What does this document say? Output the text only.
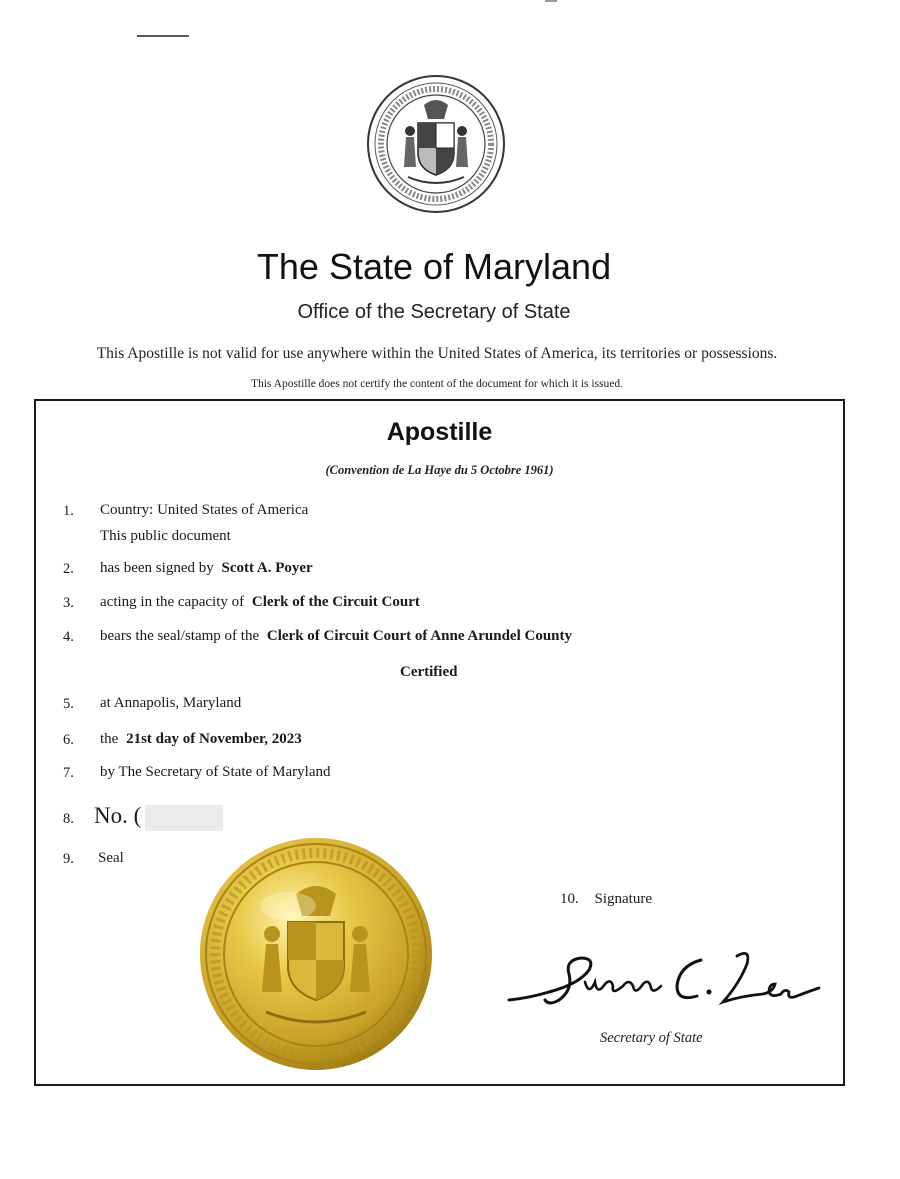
The State of Maryland
Office of the Secretary of State
This Apostille is not valid for use anywhere within the United States of America, its territories or possessions.
This Apostille does not certify the content of the document for which it is issued.
Apostille
(Convention de La Haye du 5 Octobre 1961)
1. Country: United States of America
This public document
2. has been signed by Scott A. Poyer
3. acting in the capacity of Clerk of the Circuit Court
4. bears the seal/stamp of the Clerk of Circuit Court of Anne Arundel County
Certified
5. at Annapolis, Maryland
6. the 21st day of November, 2023
7. by The Secretary of State of Maryland
8. No. (
9. Seal
10. Signature
Secretary of State
